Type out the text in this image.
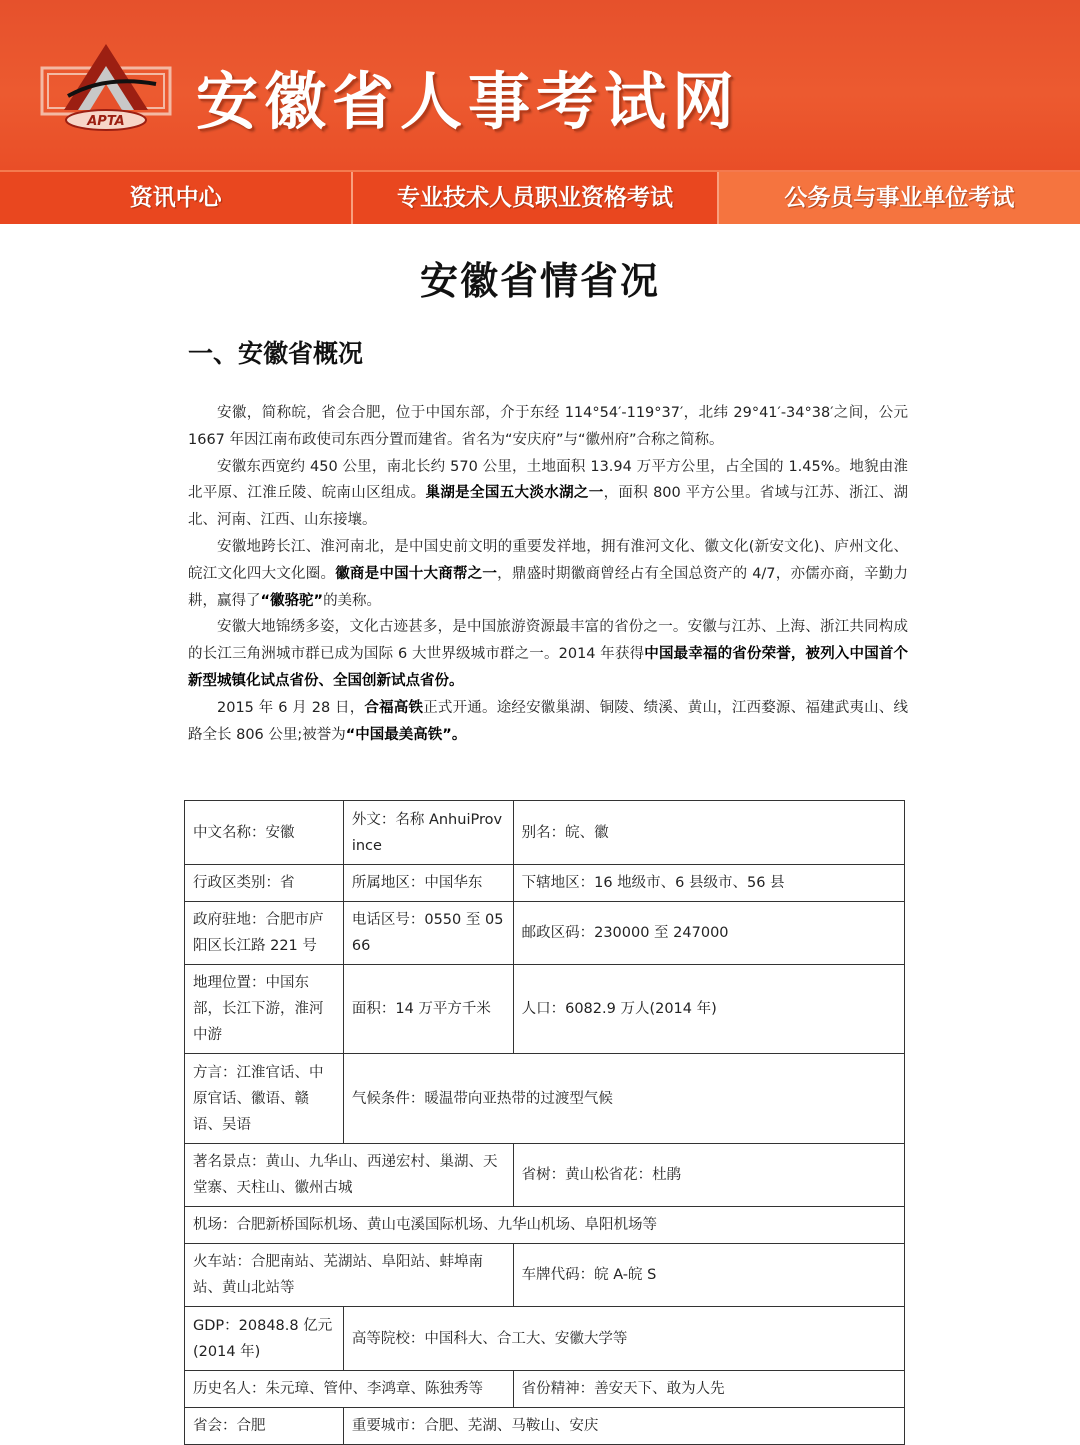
APTA 安徽省人事考试网
资讯中心	专业技术人员职业资格考试	公务员与事业单位考试
安徽省情省况
一、安徽省概况

安徽，简称皖，省会合肥，位于中国东部，介于东经 114°54′-119°37′，北纬 29°41′-34°38′之间，公元 1667 年因江南布政使司东西分置而建省。省名为“安庆府”与“徽州府”合称之简称。

安徽东西宽约 450 公里，南北长约 570 公里，土地面积 13.94 万平方公里，占全国的 1.45%。地貌由淮北平原、江淮丘陵、皖南山区组成。巢湖是全国五大淡水湖之一，面积 800 平方公里。省域与江苏、浙江、湖北、河南、江西、山东接壤。

安徽地跨长江、淮河南北，是中国史前文明的重要发祥地，拥有淮河文化、徽文化(新安文化)、庐州文化、皖江文化四大文化圈。徽商是中国十大商帮之一，鼎盛时期徽商曾经占有全国总资产的 4/7，亦儒亦商，辛勤力耕，赢得了“徽骆驼”的美称。

安徽大地锦绣多姿，文化古迹甚多，是中国旅游资源最丰富的省份之一。安徽与江苏、上海、浙江共同构成的长江三角洲城市群已成为国际 6 大世界级城市群之一。2014 年获得中国最幸福的省份荣誉，被列入中国首个新型城镇化试点省份、全国创新试点省份。

2015 年 6 月 28 日，合福高铁正式开通。途经安徽巢湖、铜陵、绩溪、黄山，江西婺源、福建武夷山、线路全长 806 公里;被誉为“中国最美高铁”。

中文名称：安徽	外文：名称 AnhuiProvince	别名：皖、徽
行政区类别：省	所属地区：中国华东	下辖地区：16 地级市、6 县级市、56 县
政府驻地：合肥市庐阳区长江路 221 号	电话区号：0550 至 0566	邮政区码：230000 至 247000
地理位置：中国东部，长江下游，淮河中游	面积：14 万平方千米	人口：6082.9 万人(2014 年)
方言：江淮官话、中原官话、徽语、赣语、吴语	气候条件：暖温带向亚热带的过渡型气候	
著名景点：黄山、九华山、西递宏村、巢湖、天堂寨、天柱山、徽州古城		省树：黄山松省花：杜鹃
机场：合肥新桥国际机场、黄山屯溪国际机场、九华山机场、阜阳机场等		
火车站：合肥南站、芜湖站、阜阳站、蚌埠南站、黄山北站等		车牌代码：皖 A-皖 S
GDP：20848.8 亿元(2014 年)	高等院校：中国科大、合工大、安徽大学等	
历史名人：朱元璋、管仲、李鸿章、陈独秀等		省份精神：善安天下、敢为人先
省会：合肥	重要城市：合肥、芜湖、马鞍山、安庆	
